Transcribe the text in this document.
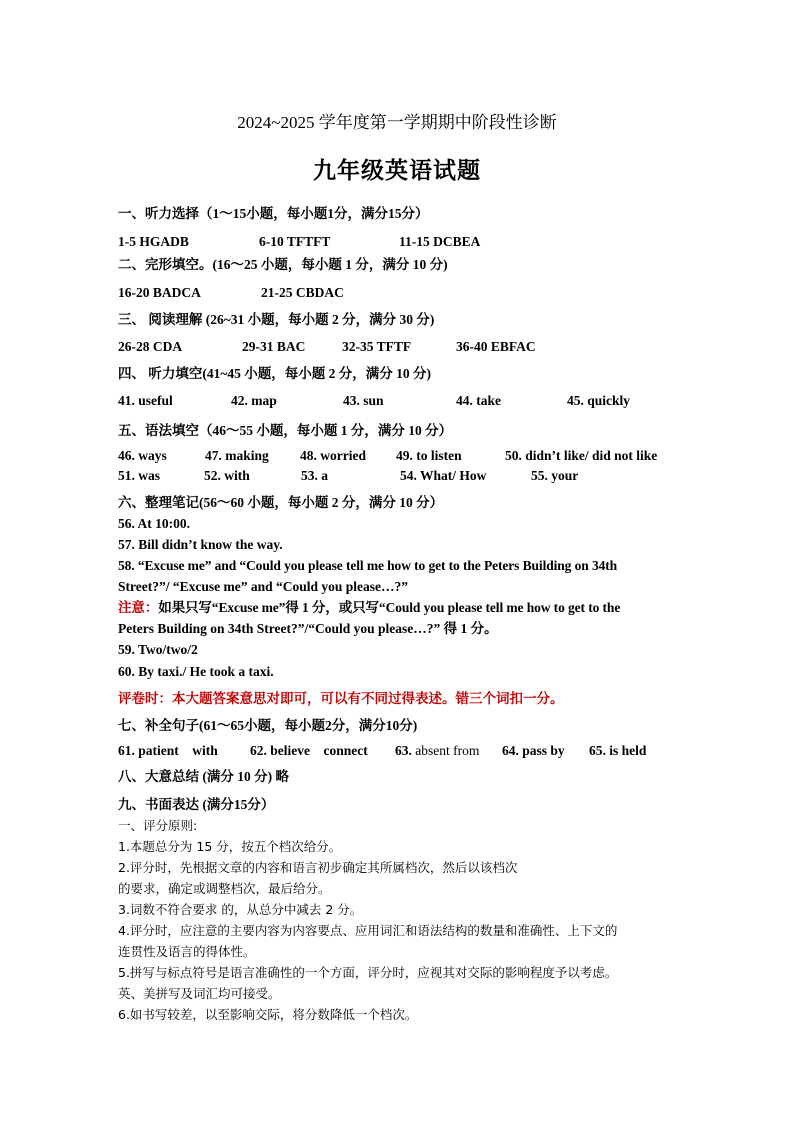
2024~2025 学年度第一学期期中阶段性诊断
九年级英语试题
一、听力选择（1～15小题，每小题1分，满分15分）
1-5 HGADB	6-10 TFTFT	11-15 DCBEA
二、完形填空。(16～25 小题，每小题 1 分，满分 10 分)
16-20 BADCA	21-25 CBDAC
三、 阅读理解 (26~31 小题，每小题 2 分，满分 30 分)
26-28 CDA	29-31 BAC	32-35 TFTF	36-40 EBFAC
四、 听力填空(41~45 小题，每小题 2 分，满分 10 分)
41. useful	42. map	43. sun	44. take	45. quickly
五、语法填空（46～55 小题，每小题 1 分，满分 10 分）
46. ways	47. making 48. worried 49. to listen	50. didn’t like/ did not like
51. was	52. with	53. a	54. What/ How	55. your
六、整理笔记(56～60 小题，每小题 2 分，满分 10 分）
56. At 10:00.
57. Bill didn’t know the way.
58. “Excuse me” and “Could you please tell me how to get to the Peters Building on 34th
Street?”/ “Excuse me” and “Could you please…?”
注意：如果只写“Excuse me”得 1 分，或只写“Could you please tell me how to get to the
Peters Building on 34th Street?”/“Could you please…?” 得 1 分。
59. Two/two/2
60. By taxi./ He took a taxi.
评卷时：本大题答案意思对即可，可以有不同过得表述。错三个词扣一分。
七、补全句子(61～65小题，每小题2分，满分10分)
61. patient    with 62. believe    connect 63. absent from 64. pass by 65. is held
八、大意总结 (满分 10 分) 略
九、书面表达 (满分15分）
一、评分原则:
1.本题总分为 15 分，按五个档次给分。
2.评分时，先根据文章的内容和语言初步确定其所属档次，然后以该档次
的要求，确定或调整档次，最后给分。
3.词数不符合要求 的，从总分中减去 2 分。
4.评分时，应注意的主要内容为内容要点、应用词汇和语法结构的数量和准确性、上下文的
连贯性及语言的得体性。
5.拼写与标点符号是语言准确性的一个方面，评分时，应视其对交际的影响程度予以考虑。
英、美拼写及词汇均可接受。
6.如书写较差，以至影响交际，将分数降低一个档次。
